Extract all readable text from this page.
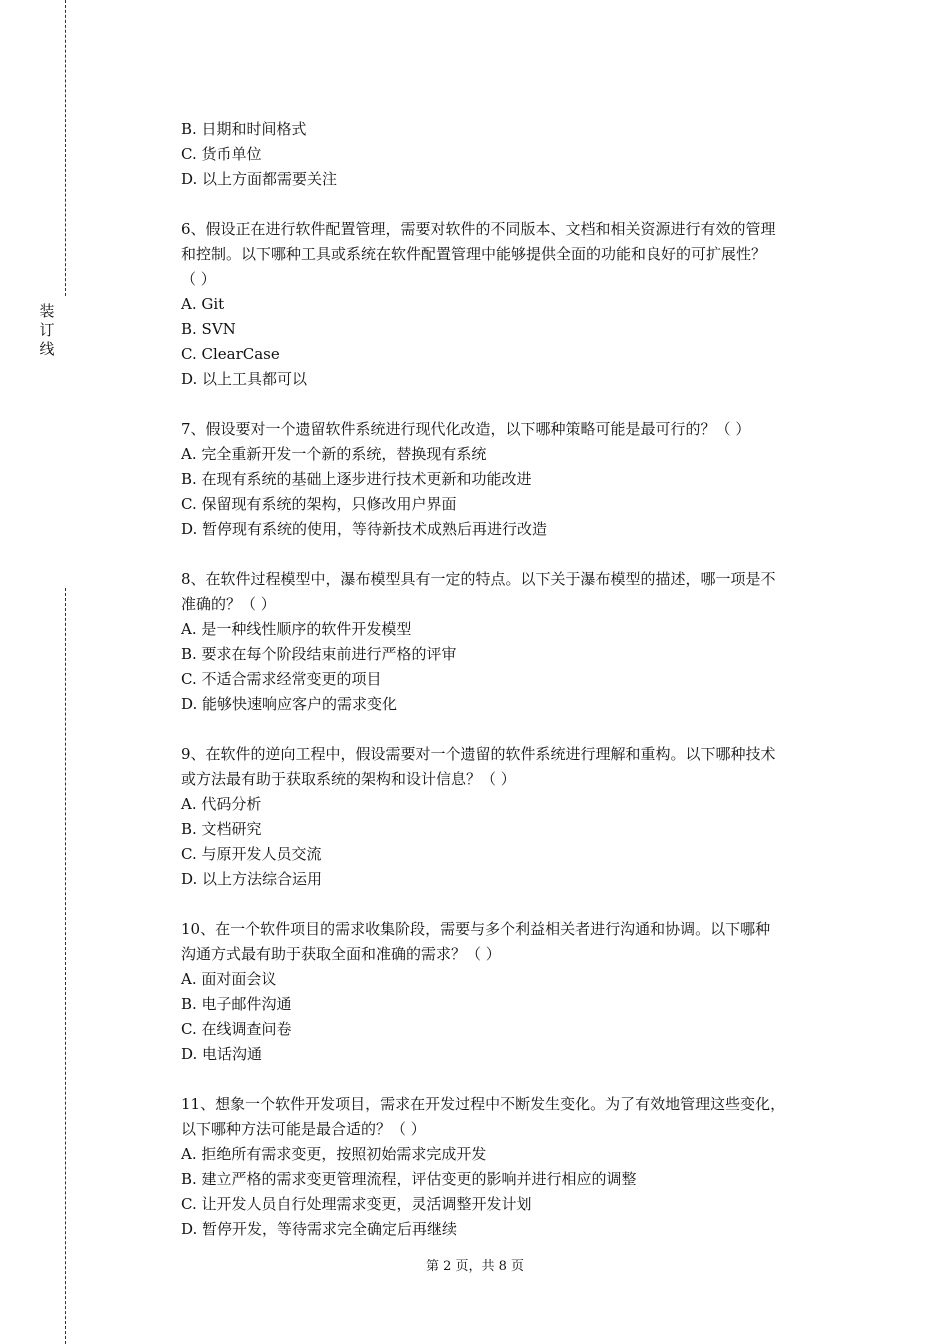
装
订
线
B. 日期和时间格式
C. 货币单位
D. 以上方面都需要关注
6、假设正在进行软件配置管理，需要对软件的不同版本、文档和相关资源进行有效的管理
和控制。以下哪种工具或系统在软件配置管理中能够提供全面的功能和良好的可扩展性？
（ ）
A. Git
B. SVN
C. ClearCase
D. 以上工具都可以
7、假设要对一个遗留软件系统进行现代化改造，以下哪种策略可能是最可行的？（ ）
A. 完全重新开发一个新的系统，替换现有系统
B. 在现有系统的基础上逐步进行技术更新和功能改进
C. 保留现有系统的架构，只修改用户界面
D. 暂停现有系统的使用，等待新技术成熟后再进行改造
8、在软件过程模型中，瀑布模型具有一定的特点。以下关于瀑布模型的描述，哪一项是不
准确的？（ ）
A. 是一种线性顺序的软件开发模型
B. 要求在每个阶段结束前进行严格的评审
C. 不适合需求经常变更的项目
D. 能够快速响应客户的需求变化
9、在软件的逆向工程中，假设需要对一个遗留的软件系统进行理解和重构。以下哪种技术
或方法最有助于获取系统的架构和设计信息？（ ）
A. 代码分析
B. 文档研究
C. 与原开发人员交流
D. 以上方法综合运用
10、在一个软件项目的需求收集阶段，需要与多个利益相关者进行沟通和协调。以下哪种
沟通方式最有助于获取全面和准确的需求？（ ）
A. 面对面会议
B. 电子邮件沟通
C. 在线调查问卷
D. 电话沟通
11、想象一个软件开发项目，需求在开发过程中不断发生变化。为了有效地管理这些变化，
以下哪种方法可能是最合适的？（ ）
A. 拒绝所有需求变更，按照初始需求完成开发
B. 建立严格的需求变更管理流程，评估变更的影响并进行相应的调整
C. 让开发人员自行处理需求变更，灵活调整开发计划
D. 暂停开发，等待需求完全确定后再继续
第 2 页，共 8 页
